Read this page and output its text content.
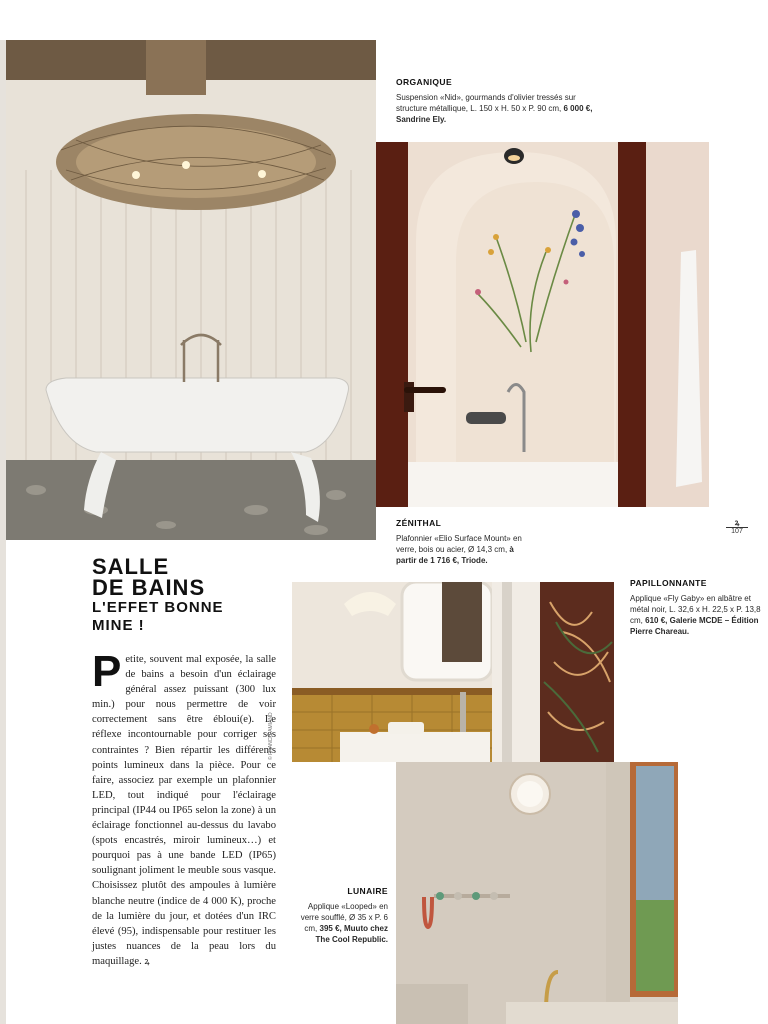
ORGANIQUE
Suspension «Nid», gourmands d'olivier tressés sur structure métallique, L. 150 x H. 50 x P. 90 cm, 6 000 €, Sandrine Ely.
ZÉNITHAL
Plafonnier «Elio Surface Mount» en verre, bois ou acier, Ø 14,3 cm, à partir de 1 716 €, Triode.
ꝝ
107
SALLE
DE BAINS
L'EFFET BONNE
MINE !
P etite, souvent mal exposée, la salle de bains a besoin d'un éclairage général assez puissant (300 lux min.) pour nous permettre de voir correctement sans être ébloui(e). Le réflexe incontournable pour corriger ses contraintes ? Bien répartir les différents points lumineux dans la pièce. Pour ce faire, associez par exemple un plafonnier LED, tout indiqué pour l'éclairage principal (IP44 ou IP65 selon la zone) à un éclairage fonctionnel au-dessus du lavabo (spots encastrés, miroir lumineux…) et pourquoi pas à une bande LED (IP65) soulignant joliment le meuble sous vasque. Choisissez plutôt des ampoules à lumière blanche neutre (indice de 4 000 K), proche de la lumière du jour, et dotées d'un IRC élevé (95), indispensable pour restituer les justes nuances de la peau lors du maquillage. ꝝ
© FRANCIS AMIAND
PAPILLONNANTE
Applique «Fly Gaby» en albâtre et métal noir, L. 32,6 x H. 22,5 x P. 13,8 cm, 610 €, Galerie MCDE – Édition Pierre Chareau.
LUNAIRE
Applique «Looped» en verre soufflé, Ø 35 x P. 6 cm, 395 €, Muuto chez The Cool Republic.
